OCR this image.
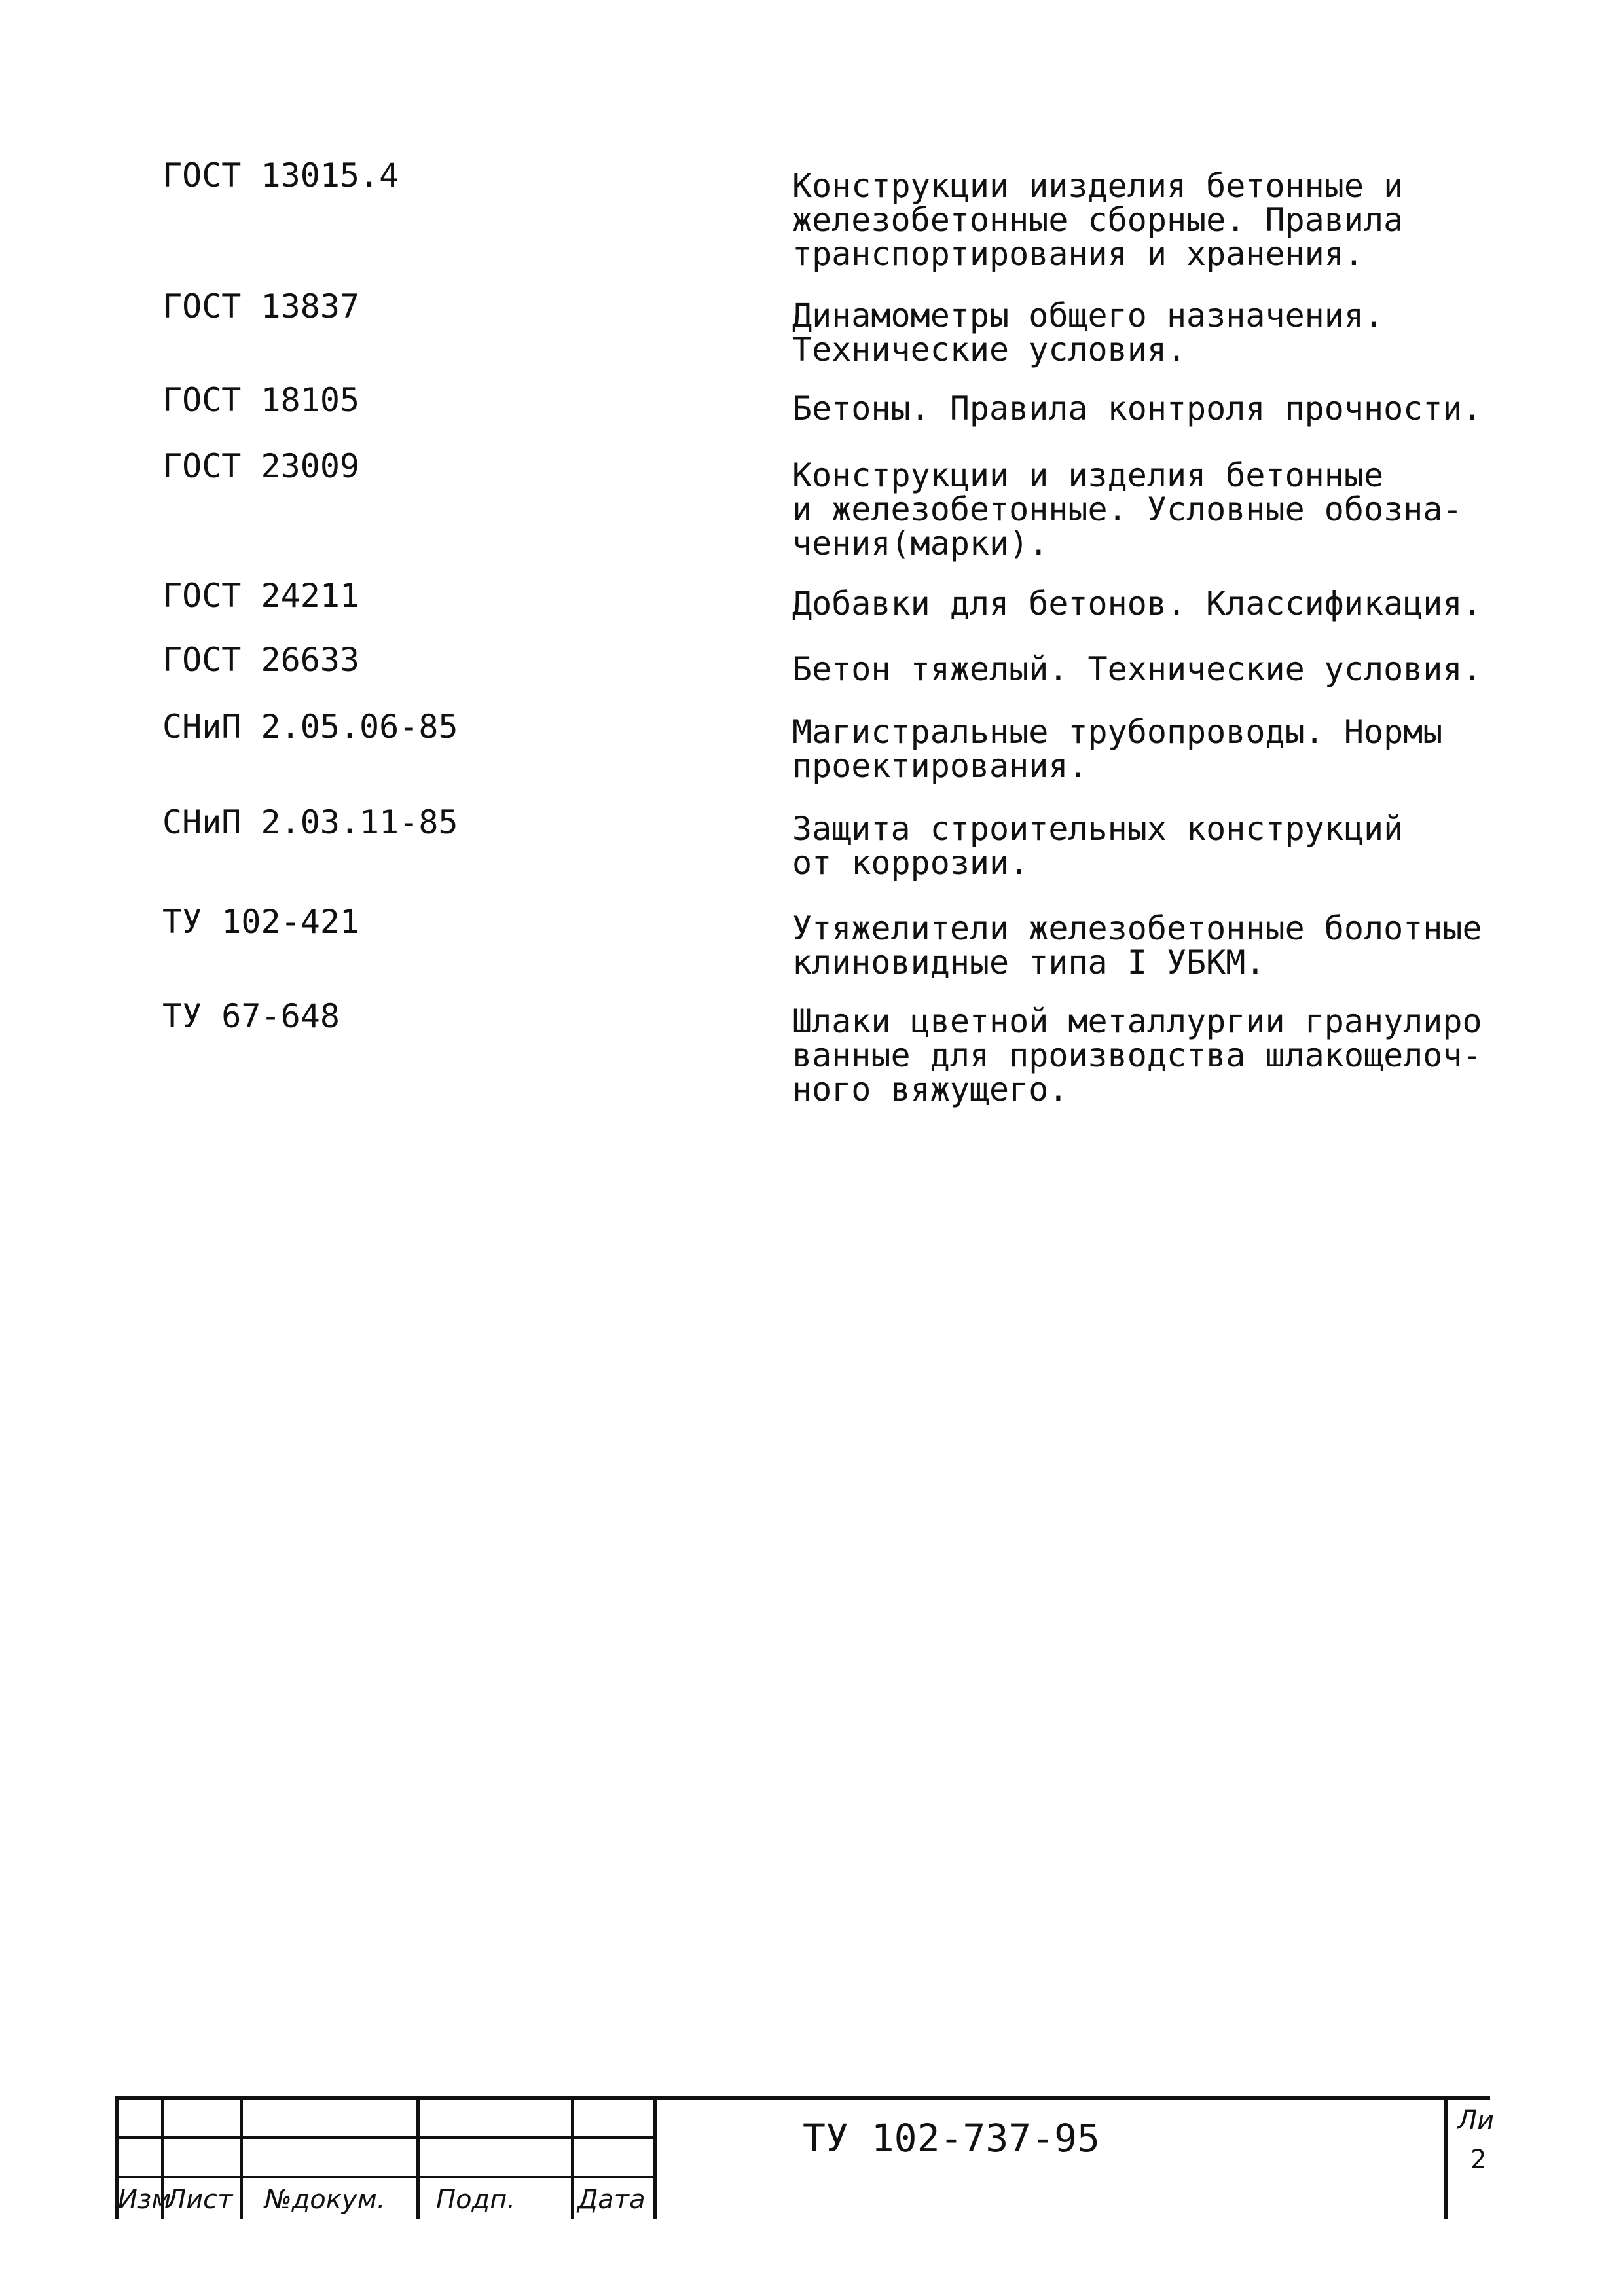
ГОСТ 13015.4	Конструкции иизделия бетонные и
железобетонные сборные. Правила
транспортирования и хранения.
ГОСТ 13837	Динамометры общего назначения.
Технические условия.
ГОСТ 18105	Бетоны. Правила контроля прочности.
ГОСТ 23009	Конструкции и изделия бетонные
и железобетонные. Условные обозна-
чения(марки).
ГОСТ 24211	Добавки для бетонов. Классификация.
ГОСТ 26633	Бетон тяжелый. Технические условия.
СНиП 2.05.06-85	Магистральные трубопроводы. Нормы
проектирования.
СНиП 2.03.11-85	Защита строительных конструкций
от коррозии.
ТУ 102-421	Утяжелители железобетонные болотные
клиновидные типа I УБКМ.
ТУ 67-648	Шлаки цветной металлургии гранулиро
ванные для производства шлакощелоч-
ного вяжущего.
Изм
Лист №докум. Подп. Дата
ТУ 102-737-95	Ли
2
